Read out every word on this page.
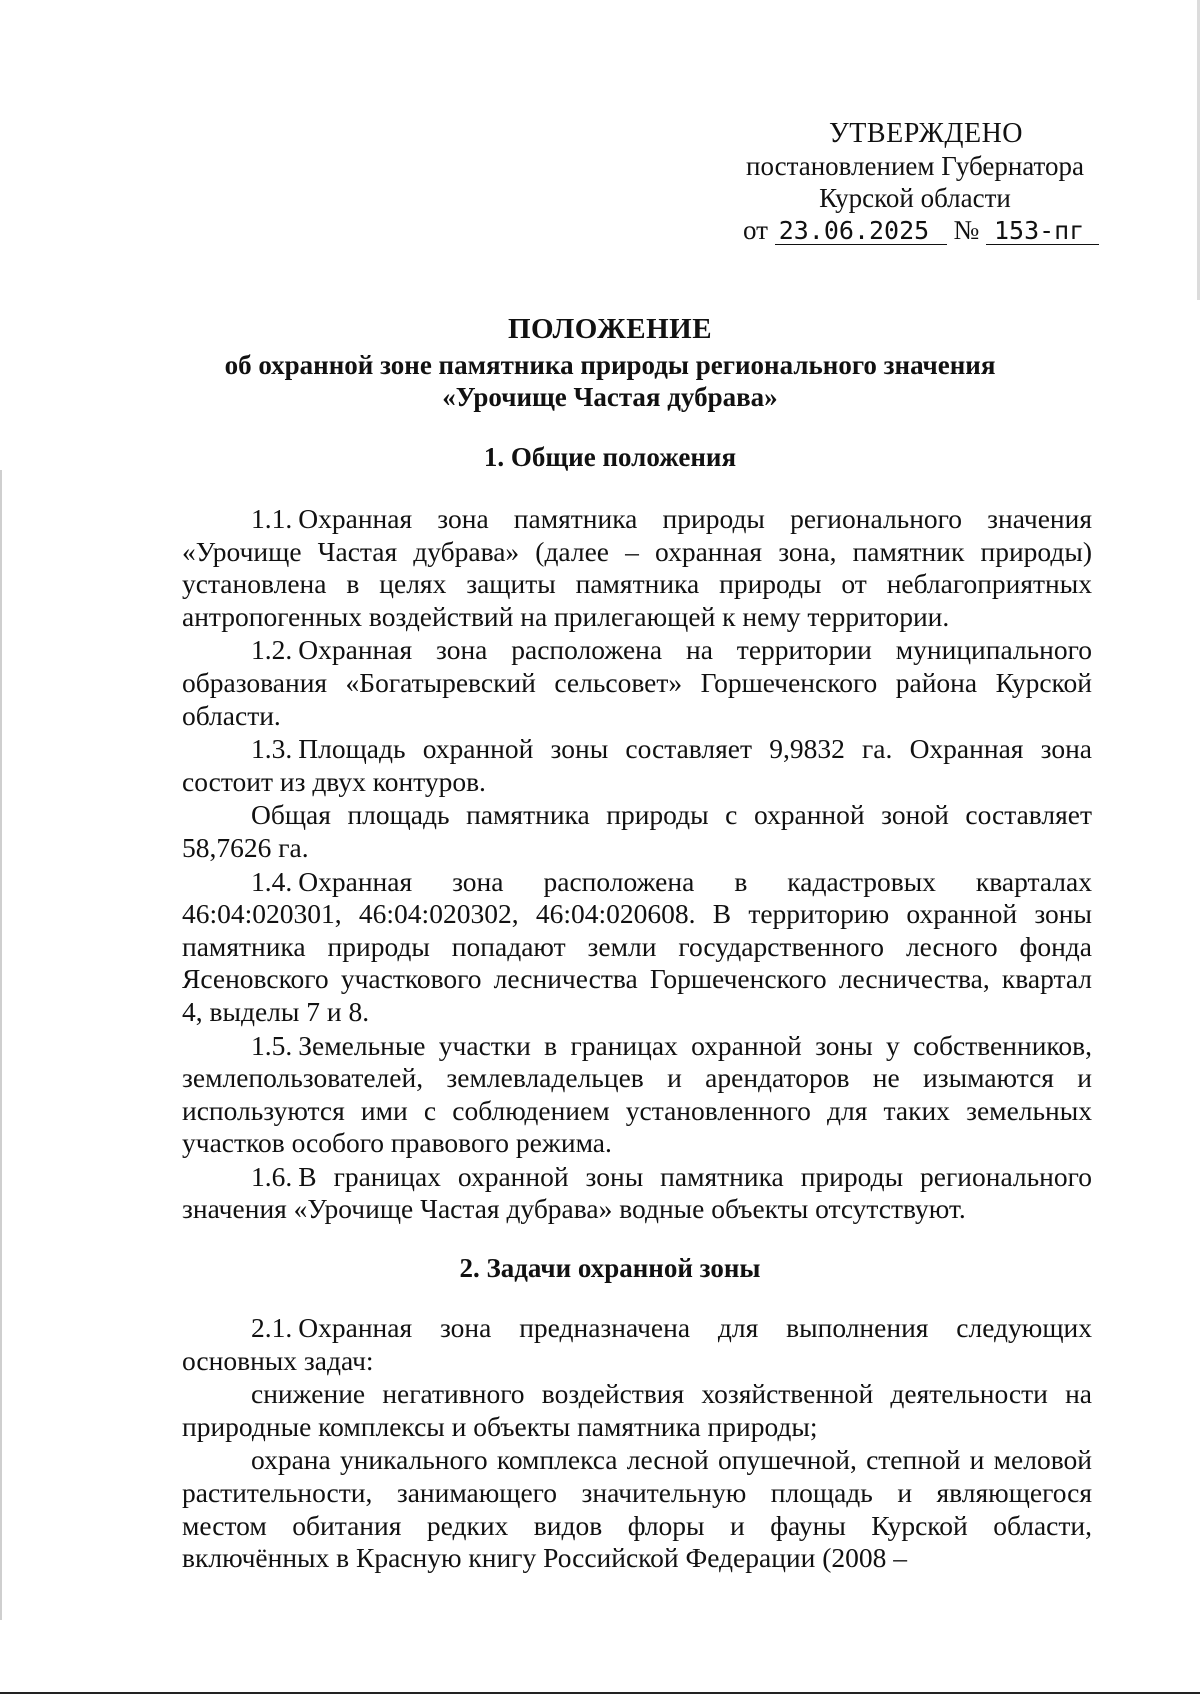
УТВЕРЖДЕНО
постановлением Губернатора
Курской области
от 23.06.2025 № 153-пг
ПОЛОЖЕНИЕ
об охранной зоне памятника природы регионального значения
«Урочище Частая дубрава»
1. Общие положения

1.1. Охранная зона памятника природы регионального значения «Урочище Частая дубрава» (далее – охранная зона, памятник природы) установлена в целях защиты памятника природы от неблагоприятных антропогенных воздействий на прилегающей к нему территории.

1.2. Охранная зона расположена на территории муниципального образования «Богатыревский сельсовет» Горшеченского района Курской области.

1.3. Площадь охранной зоны составляет 9,9832 га. Охранная зона состоит из двух контуров.

Общая площадь памятника природы с охранной зоной составляет 58,7626 га.

1.4. Охранная зона расположена в кадастровых кварталах 46:04:020301, 46:04:020302, 46:04:020608. В территорию охранной зоны памятника природы попадают земли государственного лесного фонда Ясеновского участкового лесничества Горшеченского лесничества, квартал 4, выделы 7 и 8.

1.5. Земельные участки в границах охранной зоны у собственников, землепользователей, землевладельцев и арендаторов не изымаются и используются ими с соблюдением установленного для таких земельных участков особого правового режима.

1.6. В границах охранной зоны памятника природы регионального значения «Урочище Частая дубрава» водные объекты отсутствуют.

2. Задачи охранной зоны

2.1. Охранная зона предназначена для выполнения следующих основных задач:

снижение негативного воздействия хозяйственной деятельности на природные комплексы и объекты памятника природы;

охрана уникального комплекса лесной опушечной, степной и меловой растительности, занимающего значительную площадь и являющегося местом обитания редких видов флоры и фауны Курской области, включённых в Красную книгу Российской Федерации (2008 –
